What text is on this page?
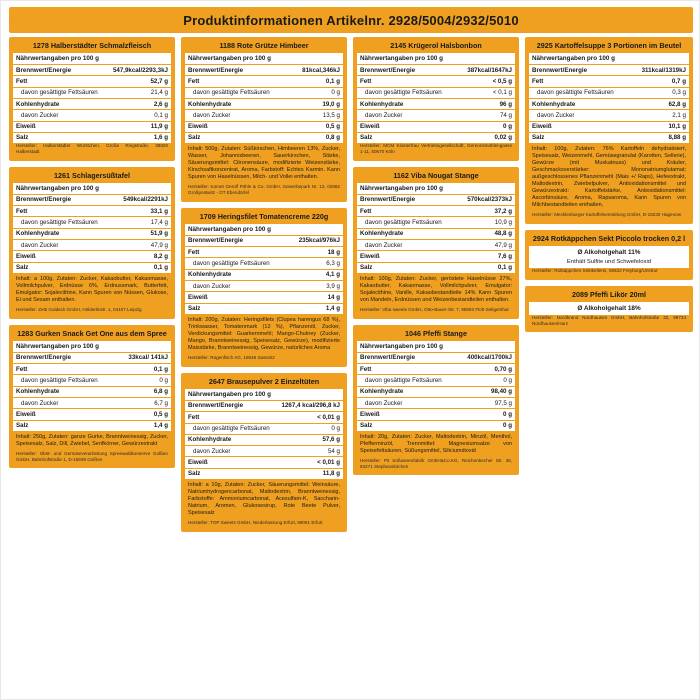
Produktinformationen Artikelnr. 2928/5004/2932/5010
1278 Halberstädter Schmalzfleisch
Nährwertangaben pro 100 g
Brennwert/Energie	547,9kcal/2293,3kJ
Fett	52,7 g
davon gesättigte Fettsäuren	21,4 g
Kohlenhydrate	2,6 g
davon Zucker	0,1 g
Eiweiß	11,9 g
Salz	1,6 g
Hersteller: Halberstädter Würstchen, Große Ringstraße, 38820 Halberstadt
1261 Schlagersüßtafel
Nährwertangaben pro 100 g
Brennwert/Energie	549kcal/2291kJ
Fett	33,1 g
davon gesättigte Fettsäuren	17,4 g
Kohlenhydrate	51,9 g
davon Zucker	47,9 g
Eiweiß	8,2 g
Salz	0,1 g
Inhalt: a 100g, Zutaten: Zucker, Kakaobutter, Kakaomasse, Vollmilchpulver, Erdnüsse 6%, Erdnussmark, Butterfett, Emulgator: Sojalecithine, Kann Spuren von Nüssen, Glukose, Ei und Sesam enthalten.
Hersteller: Zetti Goldeck GmbH, Hölderlinstr. 1, 04107 Leipzig
1283 Gurken Snack Get One aus dem Spree
Nährwertangaben pro 100 g
Brennwert/Energie	33kcal/ 141kJ
Fett	0,1 g
davon gesättigte Fettsäuren	0 g
Kohlenhydrate	6,8 g
davon Zucker	6,7 g
Eiweiß	0,5 g
Salz	1,4 g
Inhalt: 250g, Zutaten: ganze Gurke, Branntweinessig, Zucker, Speisesalz, Salz, Dill, Zwiebel, Senfkörner, Gewürzextrakt
Hersteller: Obst- und Gemüseverarbeitung Spreewaldkonserve Golßen GmbH, Bahnhofstraße 1, D-15938 Golßen
1188 Rote Grütze Himbeer
Nährwertangaben pro 100 g
Brennwert/Energie	81kcal,346kJ
Fett	0,1 g
davon gesättigte Fettsäuren	0 g
Kohlenhydrate	19,0 g
davon Zucker	13,5 g
Eiweiß	0,5 g
Salz	0,8 g
Inhalt: 500g, Zutaten: Süßkirschen, Himbeeren 13%, Zucker, Wasser, Johannisbeeren, Sauerkirschen, Stärke, Säuerungsmittel: Citronensäure, modifizierte Weizenstärke, Kirschsaftkonzentrat, Aroma, Farbstoff: Echtes Karmin. Kann Spuren von Haselnüssen, Milch- und Vollei enthalten.
Hersteller: Komet Gerolf Pöhle & Co. GmbH, Gewerbepark Nr. 13, 02892 Großpostwitz - OT Ebendörfel
1709 Heringsfilet Tomatencreme 220g
Nährwertangaben pro 100 g
Brennwert/Energie	235kcal/976kJ
Fett	18 g
davon gesättigte Fettsäuren	6,3 g
Kohlenhydrate	4,1 g
davon Zucker	3,9 g
Eiweiß	14 g
Salz	1,4 g
Inhalt: 200g, Zutaten: Heringsfilets (Clupea harengus 68 %), Trinkwasser, Tomatenmark (12 %), Pflanzenöl, Zucker, Verdickungsmittel: Guarkernmehl; Mango-Chutney (Zucker, Mango, Branntweinessig, Speisesalz, Gewürze), modifizierte Maisstärke, Branntweinessig, Gewürze, natürliches Aroma
Hersteller: Rügenfisch AG, 18546 Sassnitz
2647 Brausepulver 2 Einzeltüten
Nährwertangaben pro 100 g
Brennwert/Energie	1267,4 kcal/296,8 kJ
Fett	< 0,01 g
davon gesättigte Fettsäuren	0 g
Kohlenhydrate	57,6 g
davon Zucker	54 g
Eiweiß	< 0,01 g
Salz	11,8 g
Inhalt: a 10g, Zutaten: Zucker, Säuerungsmittel: Weinsäure, Natriumhydrogencarbonat, Maltodextrin, Branntweinessig, Farbstoffe: Ammoniumcarbonat, Acesulfam-K, Saccharin-Natrium, Aromen, Glukosesirup, Rote Beete Pulver, Speisesalz
Hersteller: TOP Sweets GmbH, Niederlassung Erfurt, 99091 Erfurt
2145 Krügerol Halsbonbon
Nährwertangaben pro 100 g
Brennwert/Energie	387kcal/1647kJ
Fett	< 0,5 g
davon gesättigte Fettsäuren	< 0,1 g
Kohlenhydrate	96 g
davon Zucker	74 g
Eiweiß	0 g
Salz	0,02 g
Hersteller: MCM Klosterfrau Vertriebsgesellschaft, Gereonsmühlengasse 1-11, 50670 Köln
1162 Viba Nougat Stange
Nährwertangaben pro 100 g
Brennwert/Energie	570kcal/2373kJ
Fett	37,2 g
davon gesättigte Fettsäuren	10,9 g
Kohlenhydrate	48,8 g
davon Zucker	47,9 g
Eiweiß	7,6 g
Salz	0,1 g
Inhalt: 100g, Zutaten: Zucker, geröstete Haselnüsse 27%, Kakaobutter, Kakaomasse, Vollmilchpulver, Emulgator: Sojalecithine, Vanille, Kakaobestandteile 14% Kann Spuren von Mandeln, Erdnüssen und Weizenbestandteilen enthalten.
Hersteller: Viba sweets GmbH, Otto-Bauer-Str. 7, 98593 Floh-Seligenthal
1046 Pfeffi Stange
Nährwertangaben pro 100 g
Brennwert/Energie	400kcal/1700kJ
Fett	0,70 g
davon gesättigte Fettsäuren	0 g
Kohlenhydrate	98,40 g
davon Zucker	97,5 g
Eiweiß	0 g
Salz	0 g
Inhalt: 20g, Zutaten: Zucker, Maltodextrin, Minzöl, Menthol, Pfefferminzöl, Trennmittel: Magnesiumsalze von Speisefettsäuren, Süßungsmittel, Siliciumdioxid
Hersteller: Pit Süßwarenfabrik GmbH&Co.KG, Reichenbecher Str. 36, 83271 Stephanskirchen
2925 Kartoffelsuppe 3 Portionen im Beutel
Nährwertangaben pro 100 g
Brennwert/Energie	311kcal/1319kJ
Fett	0,7 g
davon gesättigte Fettsäuren	0,3 g
Kohlenhydrate	62,8 g
davon Zucker	2,1 g
Eiweiß	10,1 g
Salz	8,88 g
Inhalt: 100g, Zutaten: 76% Kartoffeln dehydratisiert, Speisesalz, Weizenmehl, Gemüsegranulat (Karotten, Sellerie), Gewürze (mit Muskatnuss) und Kräuter, Geschmacksverstärker: Mononatriumglutamat; außgeschlossenes Pflanzenmehl (Mais +/ Raps), Hefeextrakt, Maltodextrin, Zwiebelpulver, Antioxidationsmittel und Gewürzextrakt: Kartoffelstärke, Antioxidationsmittel: Ascorbinsäure, Aroma, Rapsaroma, Kann Spuren von Milchbestandteilen enthalten.
Hersteller: Mecklenburger Kartoffelveredelung GmbH, D-19230 Hagenow
2924 Rotkäppchen Sekt Piccolo trocken 0,2 l
Ø Alkoholgehalt 11%
Enthält Sulfite und Schwefeloxid
Hersteller: Rotkäppchen Sektkellerei, 06632 Freyburg/Unstrut
2089 Pfeffi Likör 20ml
Ø Alkoholgehalt 18%
Hersteller: Nordbrand Nordhausen GmbH, Bahnhofstraße 32, 99734 Nordhausen/Harz
